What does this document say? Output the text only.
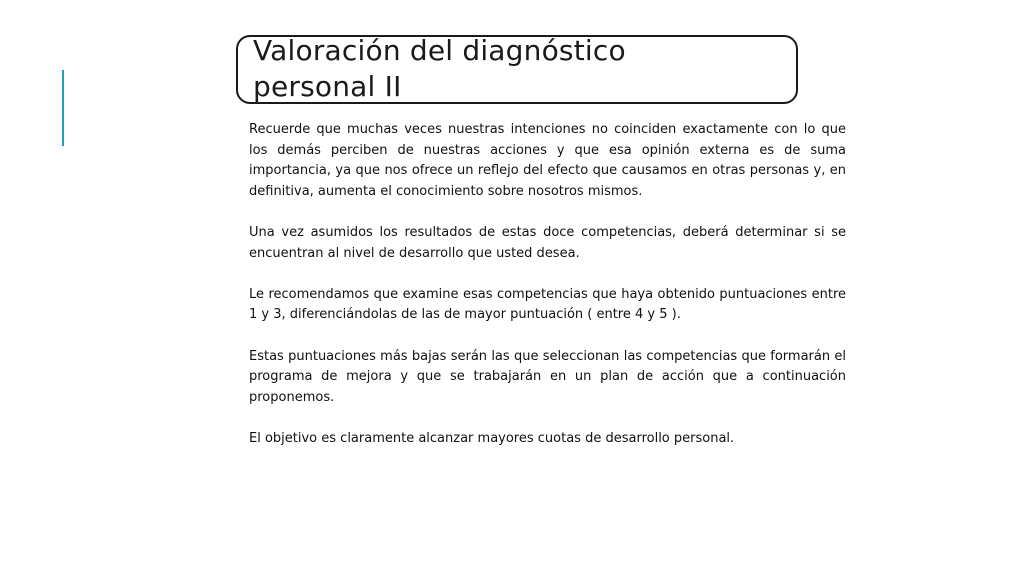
Valoración del diagnóstico
personal II

Recuerde que muchas veces nuestras intenciones no coinciden exactamente con lo que los demás perciben de nuestras acciones y que esa opinión externa es de suma importancia, ya que nos ofrece un reflejo del efecto que causamos en otras personas y, en definitiva, aumenta el conocimiento sobre nosotros mismos.

Una vez asumidos los resultados de estas doce competencias, deberá determinar si se encuentran al nivel de desarrollo que usted desea.

Le recomendamos que examine esas competencias que haya obtenido puntuaciones entre 1 y 3, diferenciándolas de las de mayor puntuación ( entre 4 y 5 ).

Estas puntuaciones más bajas serán las que seleccionan las competencias que formarán el programa de mejora y que se trabajarán en un plan de acción que a continuación proponemos.

El objetivo es claramente alcanzar mayores cuotas de desarrollo personal.
